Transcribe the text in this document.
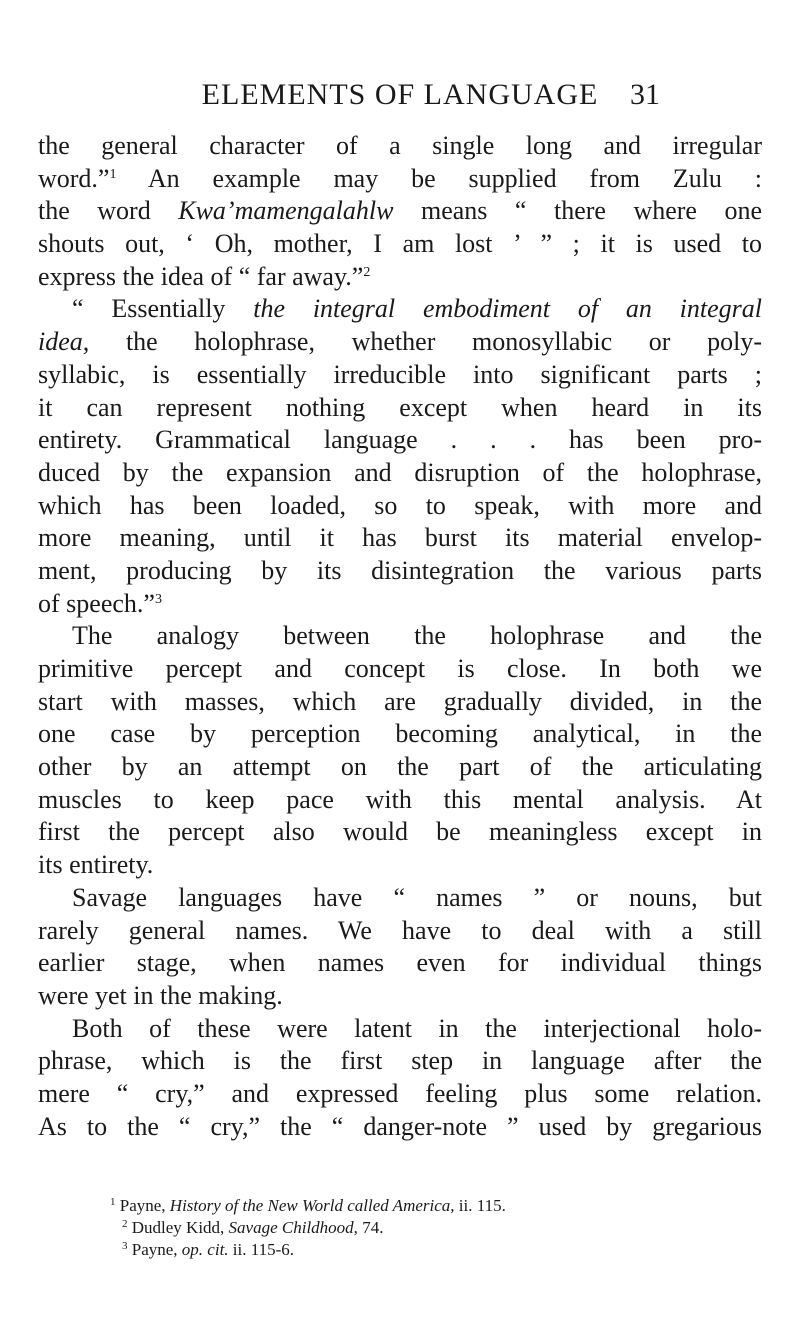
ELEMENTS OF LANGUAGE	31
the general character of a single long and irregular
word.”$^1$ An example may be supplied from Zulu :
the word Kwa’mamengalahlw means “ there where one
shouts out, ‘ Oh, mother, I am lost ’ ” ; it is used to
express the idea of “ far away.”$^2$
“ Essentially the integral embodiment of an integral
idea, the holophrase, whether monosyllabic or poly-
syllabic, is essentially irreducible into significant parts ;
it can represent nothing except when heard in its
entirety. Grammatical language . . . has been pro-
duced by the expansion and disruption of the holophrase,
which has been loaded, so to speak, with more and
more meaning, until it has burst its material envelop-
ment, producing by its disintegration the various parts
of speech.”$^3$
The analogy between the holophrase and the
primitive percept and concept is close. In both we
start with masses, which are gradually divided, in the
one case by perception becoming analytical, in the
other by an attempt on the part of the articulating
muscles to keep pace with this mental analysis. At
first the percept also would be meaningless except in
its entirety.
Savage languages have “ names ” or nouns, but
rarely general names. We have to deal with a still
earlier stage, when names even for individual things
were yet in the making.
Both of these were latent in the interjectional holo-
phrase, which is the first step in language after the
mere “ cry,” and expressed feeling plus some relation.
As to the “ cry,” the “ danger-note ” used by gregarious
$^1$ Payne, History of the New World called America, ii. 115.
$^2$ Dudley Kidd, Savage Childhood, 74.
$^3$ Payne, op. cit. ii. 115-6.
